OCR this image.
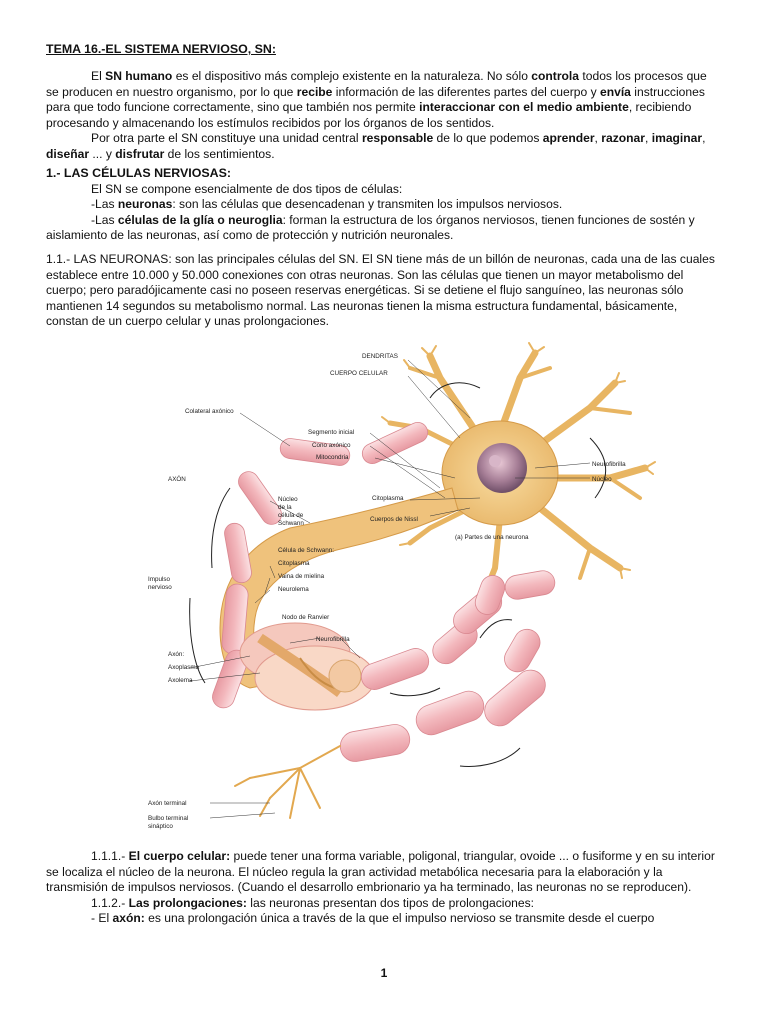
TEMA 16.-EL SISTEMA NERVIOSO, SN:

El SN humano es el dispositivo más complejo existente en la naturaleza. No sólo controla todos los procesos que se producen en nuestro organismo, por lo que recibe información de las diferentes partes del cuerpo y envía instrucciones para que todo funcione correctamente, sino que también nos permite interaccionar con el medio ambiente, recibiendo procesando y almacenando los estímulos recibidos por los órganos de los sentidos.

Por otra parte el SN constituye una unidad central responsable de lo que podemos aprender, razonar, imaginar, diseñar ... y disfrutar de los sentimientos.

1.- LAS CÉLULAS NERVIOSAS:

El SN se compone esencialmente de dos tipos de células:

-Las neuronas: son las células que desencadenan y transmiten los impulsos nerviosos.

-Las células de la glía o neuroglia: forman la estructura de los órganos nerviosos, tienen funciones de sostén y aislamiento de las neuronas, así como de protección y nutrición neuronales.

1.1.- LAS NEURONAS: son las principales células del SN. El SN tiene más de un billón de neuronas, cada una de las cuales establece entre 10.000 y 50.000 conexiones con otras neuronas. Son las células que tienen un mayor metabolismo del cuerpo; pero paradójicamente casi no poseen reservas energéticas. Si se detiene el flujo sanguíneo, las neuronas sólo mantienen 14 segundos su metabolismo normal. Las neuronas tienen la misma estructura fundamental, básicamente, constan de un cuerpo celular y unas prolongaciones.

DENDRITAS
CUERPO CELULAR
Colateral axónico
Segmento inicial
Cono axónico
Mitocondria
AXÓN
Núcleo
de la
célula de
Schwann
Citoplasma
Cuerpos de Nissl
Neurofibrilla
Núcleo
(a) Partes de una neurona
Célula de Schwann:
Citoplasma
Vaina de mielina
Neurolema
Impulso
nervioso
Nodo de Ranvier
Neurofibrilla
Axón:
Axoplasma
Axolema
Axón terminal
Bulbo terminal
sináptico

1.1.1.- El cuerpo celular: puede tener una forma variable, poligonal, triangular, ovoide ... o fusiforme y en su interior se localiza el núcleo de la neurona. El núcleo regula la gran actividad metabólica necesaria para la elaboración y la transmisión de impulsos nerviosos. (Cuando el desarrollo embrionario ya ha terminado, las neuronas no se reproducen).

1.1.2.- Las prolongaciones: las neuronas presentan dos tipos de prolongaciones:

- El axón: es una prolongación única a través de la que el impulso nervioso se transmite desde el cuerpo

1
